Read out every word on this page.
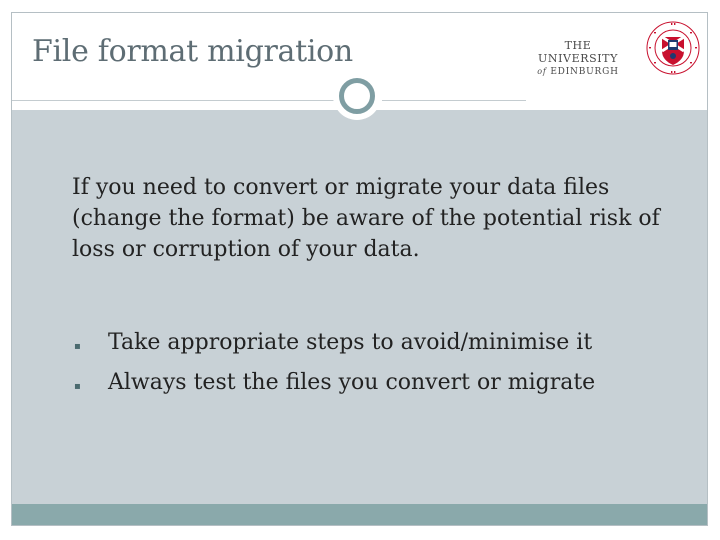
File format migration	THE UNIVERSITY
of EDINBURGH

If you need to convert or migrate your data files (change the format) be aware of the potential risk of loss or corruption of your data.

▪ Take appropriate steps to avoid/minimise it
▪ Always test the files you convert or migrate
